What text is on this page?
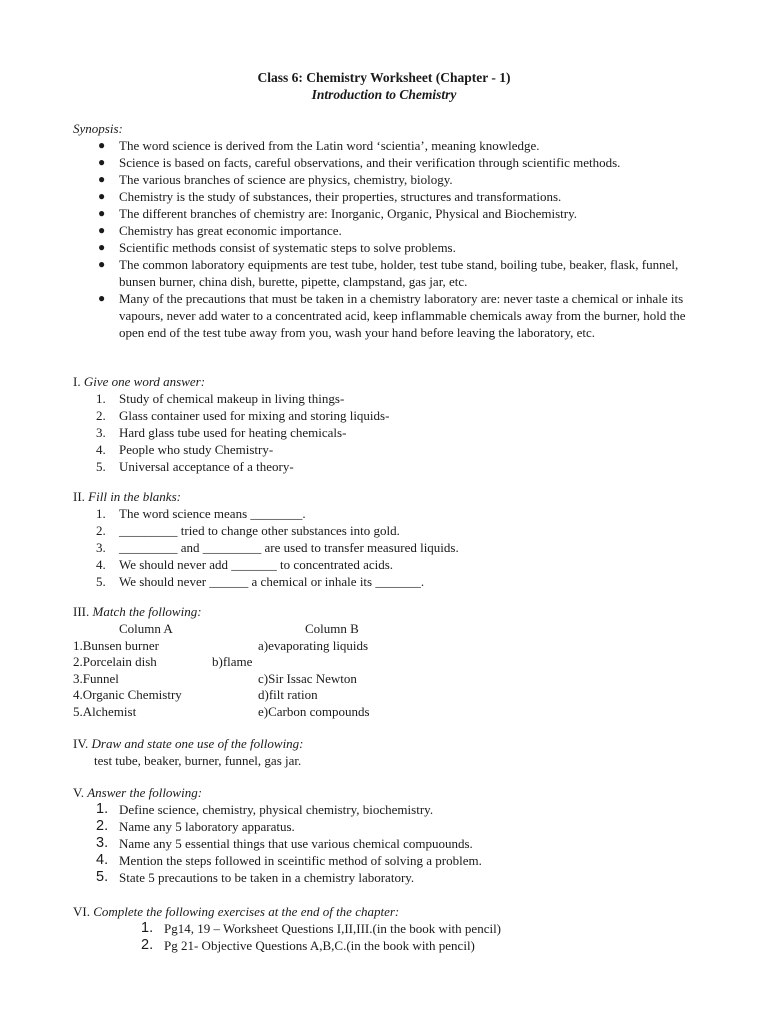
Class 6: Chemistry Worksheet (Chapter - 1)
Introduction to Chemistry
Synopsis:
● The word science is derived from the Latin word ‘scientia’, meaning knowledge.
● Science is based on facts, careful observations, and their verification through scientific methods.
● The various branches of science are physics, chemistry, biology.
● Chemistry is the study of substances, their properties, structures and transformations.
● The different branches of chemistry are: Inorganic, Organic, Physical and Biochemistry.
● Chemistry has great economic importance.
● Scientific methods consist of systematic steps to solve problems.
● The common laboratory equipments are test tube, holder, test tube stand, boiling tube, beaker, flask, funnel, bunsen burner, china dish, burette, pipette, clampstand, gas jar, etc.
● Many of the precautions that must be taken in a chemistry laboratory are: never taste a chemical or inhale its vapours, never add water to a concentrated acid, keep inflammable chemicals away from the burner, hold the open end of the test tube away from you, wash your hand before leaving the laboratory, etc.
I. Give one word answer:
1. Study of chemical makeup in living things-
2. Glass container used for mixing and storing liquids-
3. Hard glass tube used for heating chemicals-
4. People who study Chemistry-
5. Universal acceptance of a theory-
II. Fill in the blanks:
1. The word science means ________.
2. _________ tried to change other substances into gold.
3. _________ and _________ are used to transfer measured liquids.
4. We should never add _______ to concentrated acids.
5. We should never ______ a chemical or inhale its _______.
III. Match the following:
Column A	Column B
1.Bunsen burner	a)evaporating liquids
2.Porcelain dish	b)flame
3.Funnel	c)Sir Issac Newton
4.Organic Chemistry	d)filt ration
5.Alchemist	e)Carbon compounds
IV. Draw and state one use of the following:
test tube, beaker, burner, funnel, gas jar.
V. Answer the following:
1. Define science, chemistry, physical chemistry, biochemistry.
2. Name any 5 laboratory apparatus.
3. Name any 5 essential things that use various chemical compuounds.
4. Mention the steps followed in sceintific method of solving a problem.
5. State 5 precautions to be taken in a chemistry laboratory.
VI. Complete the following exercises at the end of the chapter:
1. Pg14, 19 – Worksheet Questions I,II,III.(in the book with pencil)
2. Pg 21- Objective Questions A,B,C.(in the book with pencil)
